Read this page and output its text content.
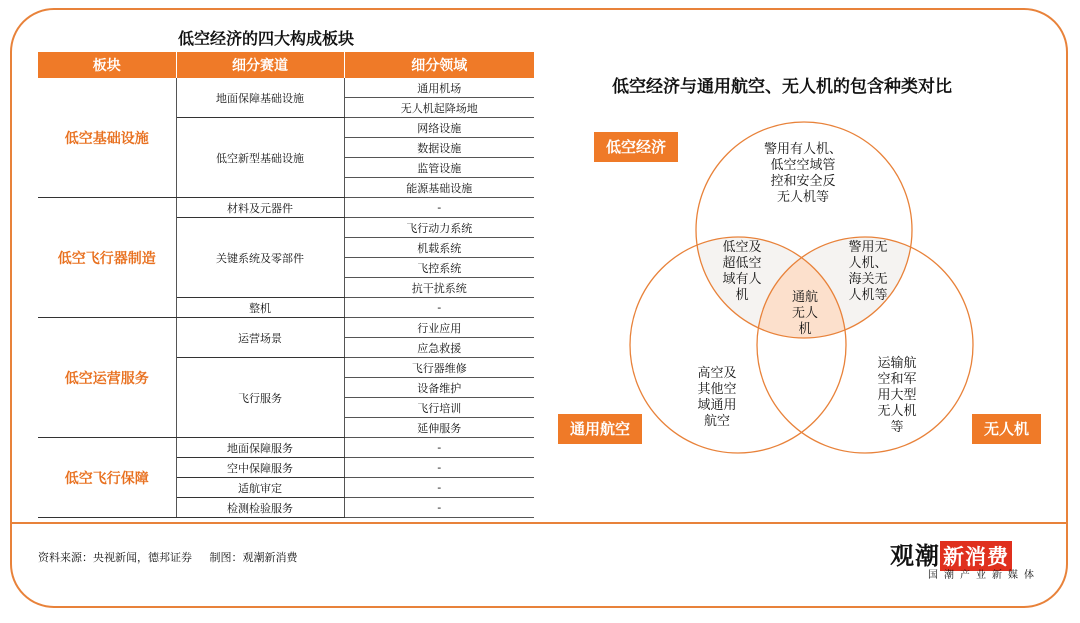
低空经济的四大构成板块
低空经济与通用航空、无人机的包含种类对比
板块	细分赛道	细分领域
低空基础设施	地面保障基础设施	通用机场
		无人机起降场地
	低空新型基础设施	网络设施
		数据设施
		监管设施
		能源基础设施
低空飞行器制造	材料及元器件	-
	关键系统及零部件	飞行动力系统
		机载系统
		飞控系统
		抗干扰系统
	整机	-
低空运营服务	运营场景	行业应用
		应急救援
	飞行服务	飞行器维修
		设备维护
		飞行培训
		延伸服务
低空飞行保障	地面保障服务	-
	空中保障服务	-
	适航审定	-
	检测检验服务	-
低空经济
通用航空	无人机
警用有人机、
低空空域管
控和安全反
无人机等
低空及
超低空
域有人
机
警用无
人机、
海关无
人机等
通航
无人
机
高空及
其他空
域通用
航空
运输航
空和军
用大型
无人机
等
资料来源：央视新闻，德邦证券 制图：观潮新消费	观潮 新消费
国潮产业新媒体
